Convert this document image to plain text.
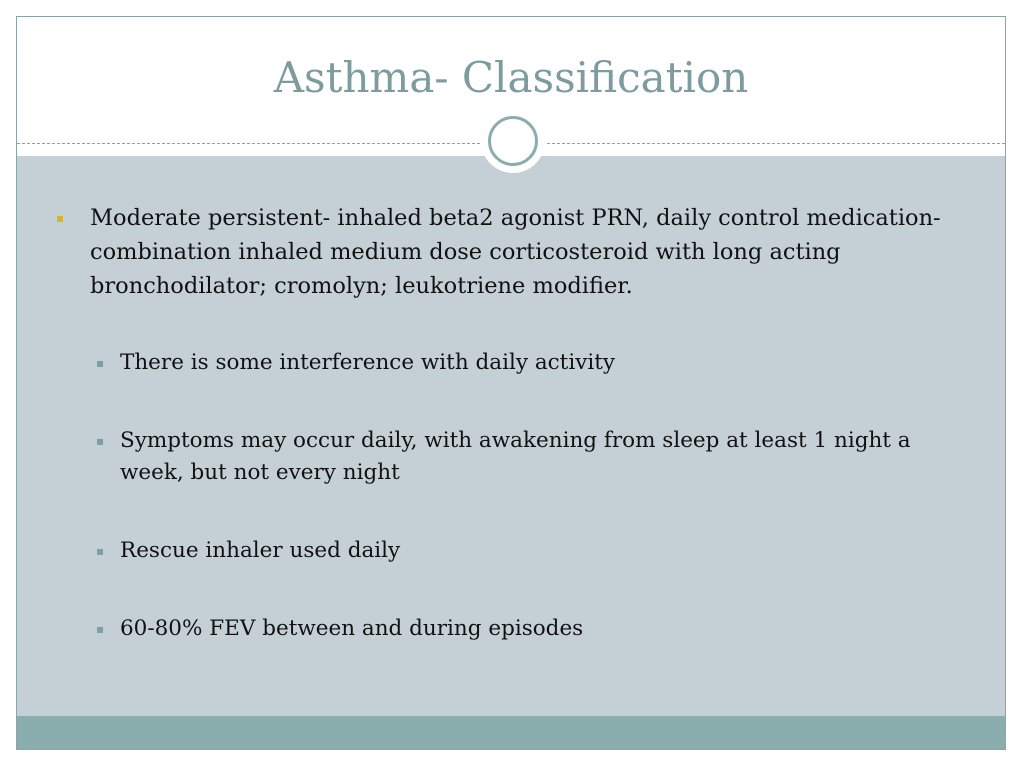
Asthma- Classification

▪ Moderate persistent- inhaled beta2 agonist PRN, daily control medication- combination inhaled medium dose corticosteroid with long acting bronchodilator; cromolyn; leukotriene modifier.

▪ There is some interference with daily activity

▪ Symptoms may occur daily, with awakening from sleep at least 1 night a week, but not every night

▪ Rescue inhaler used daily

▪ 60-80% FEV between and during episodes
